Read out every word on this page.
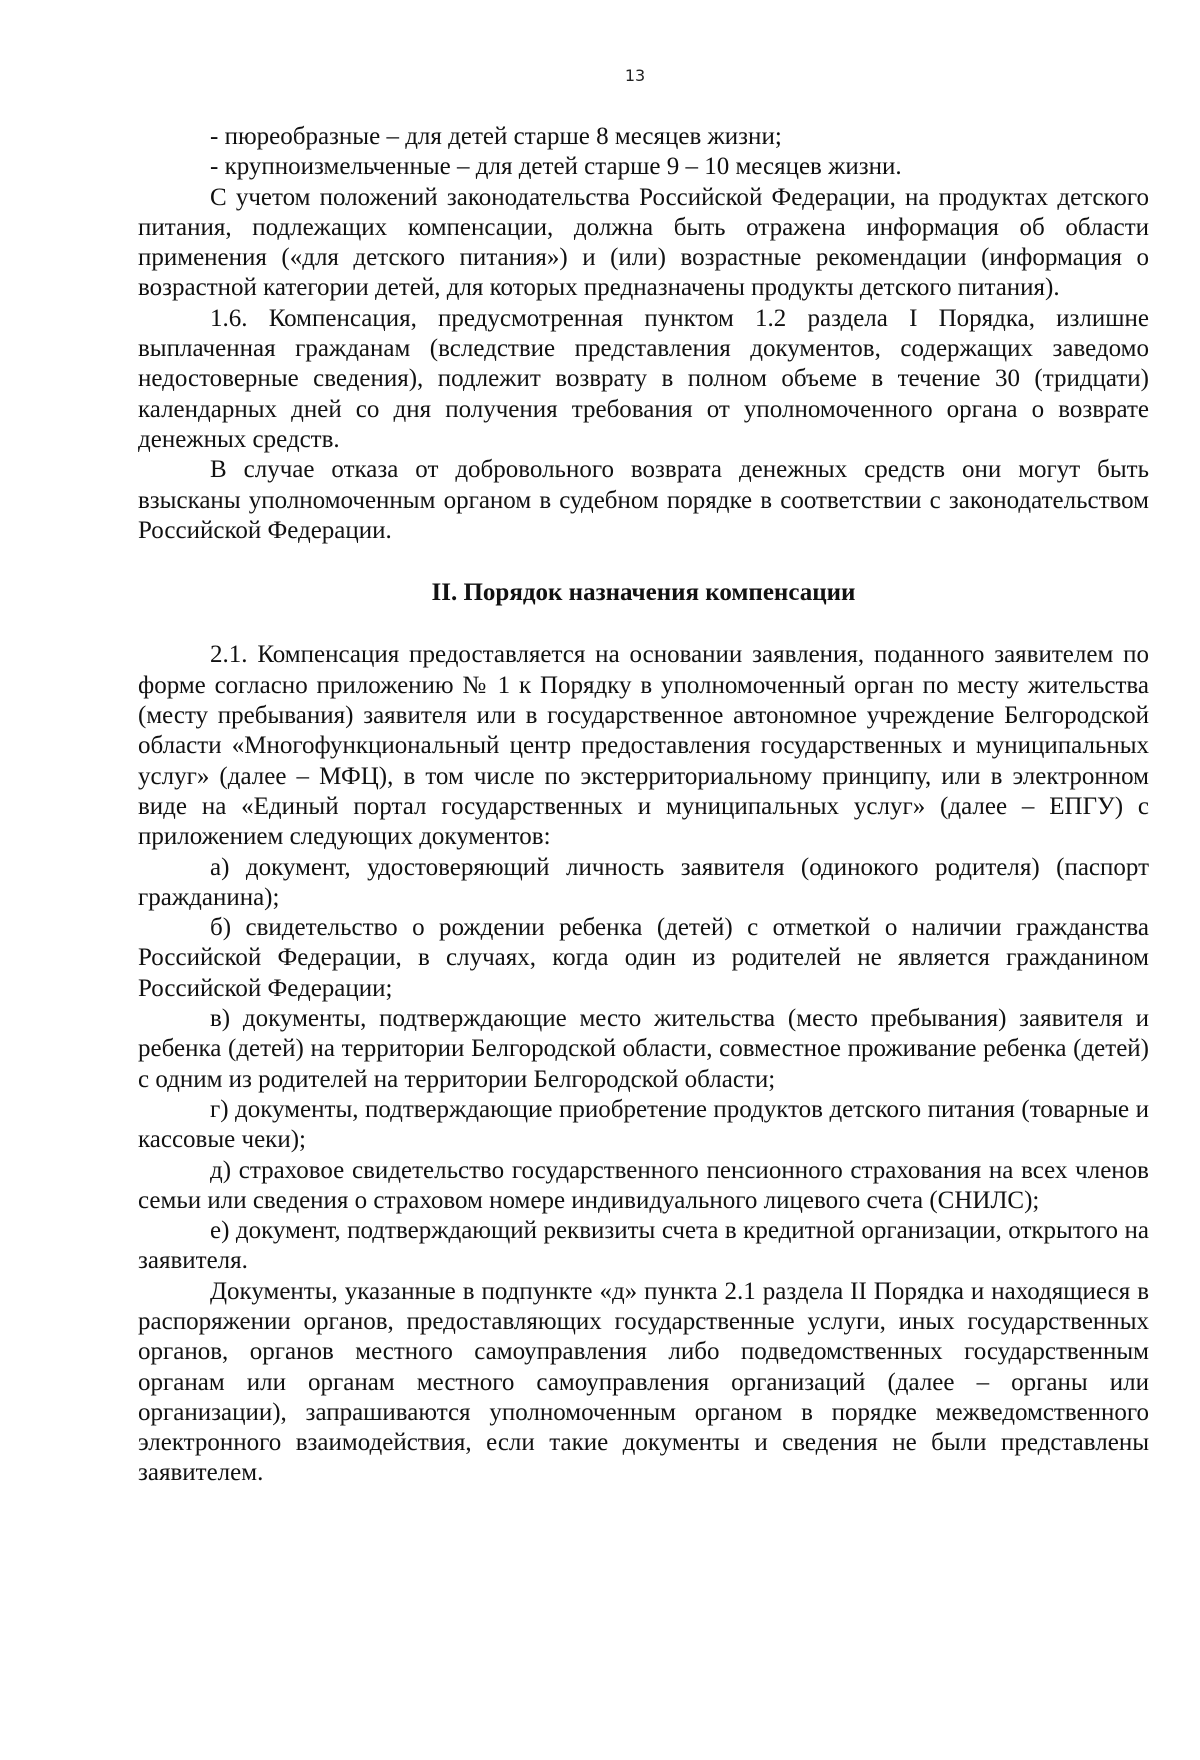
13

- пюреобразные – для детей старше 8 месяцев жизни;

- крупноизмельченные – для детей старше 9 – 10 месяцев жизни.

С учетом положений законодательства Российской Федерации, на продуктах детского питания, подлежащих компенсации, должна быть отражена информация об области применения («для детского питания») и (или) возрастные рекомендации (информация о возрастной категории детей, для которых предназначены продукты детского питания).

1.6. Компенсация, предусмотренная пунктом 1.2 раздела I Порядка, излишне выплаченная гражданам (вследствие представления документов, содержащих заведомо недостоверные сведения), подлежит возврату в полном объеме в течение 30 (тридцати) календарных дней со дня получения требования от уполномоченного органа о возврате денежных средств.

В случае отказа от добровольного возврата денежных средств они могут быть взысканы уполномоченным органом в судебном порядке в соответствии с законодательством Российской Федерации.

II. Порядок назначения компенсации

2.1. Компенсация предоставляется на основании заявления, поданного заявителем по форме согласно приложению № 1 к Порядку в уполномоченный орган по месту жительства (месту пребывания) заявителя или в государственное автономное учреждение Белгородской области «Многофункциональный центр предоставления государственных и муниципальных услуг» (далее – МФЦ), в том числе по экстерриториальному принципу, или в электронном виде на «Единый портал государственных и муниципальных услуг» (далее – ЕПГУ) с приложением следующих документов:

а) документ, удостоверяющий личность заявителя (одинокого родителя) (паспорт гражданина);

б) свидетельство о рождении ребенка (детей) с отметкой о наличии гражданства Российской Федерации, в случаях, когда один из родителей не является гражданином Российской Федерации;

в) документы, подтверждающие место жительства (место пребывания) заявителя и ребенка (детей) на территории Белгородской области, совместное проживание ребенка (детей) с одним из родителей на территории Белгородской области;

г) документы, подтверждающие приобретение продуктов детского питания (товарные и кассовые чеки);

д) страховое свидетельство государственного пенсионного страхования на всех членов семьи или сведения о страховом номере индивидуального лицевого счета (СНИЛС);

е) документ, подтверждающий реквизиты счета в кредитной организации, открытого на заявителя.

Документы, указанные в подпункте «д» пункта 2.1 раздела II Порядка и находящиеся в распоряжении органов, предоставляющих государственные услуги, иных государственных органов, органов местного самоуправления либо подведомственных государственным органам или органам местного самоуправления организаций (далее – органы или организации), запрашиваются уполномоченным органом в порядке межведомственного электронного взаимодействия, если такие документы и сведения не были представлены заявителем.
